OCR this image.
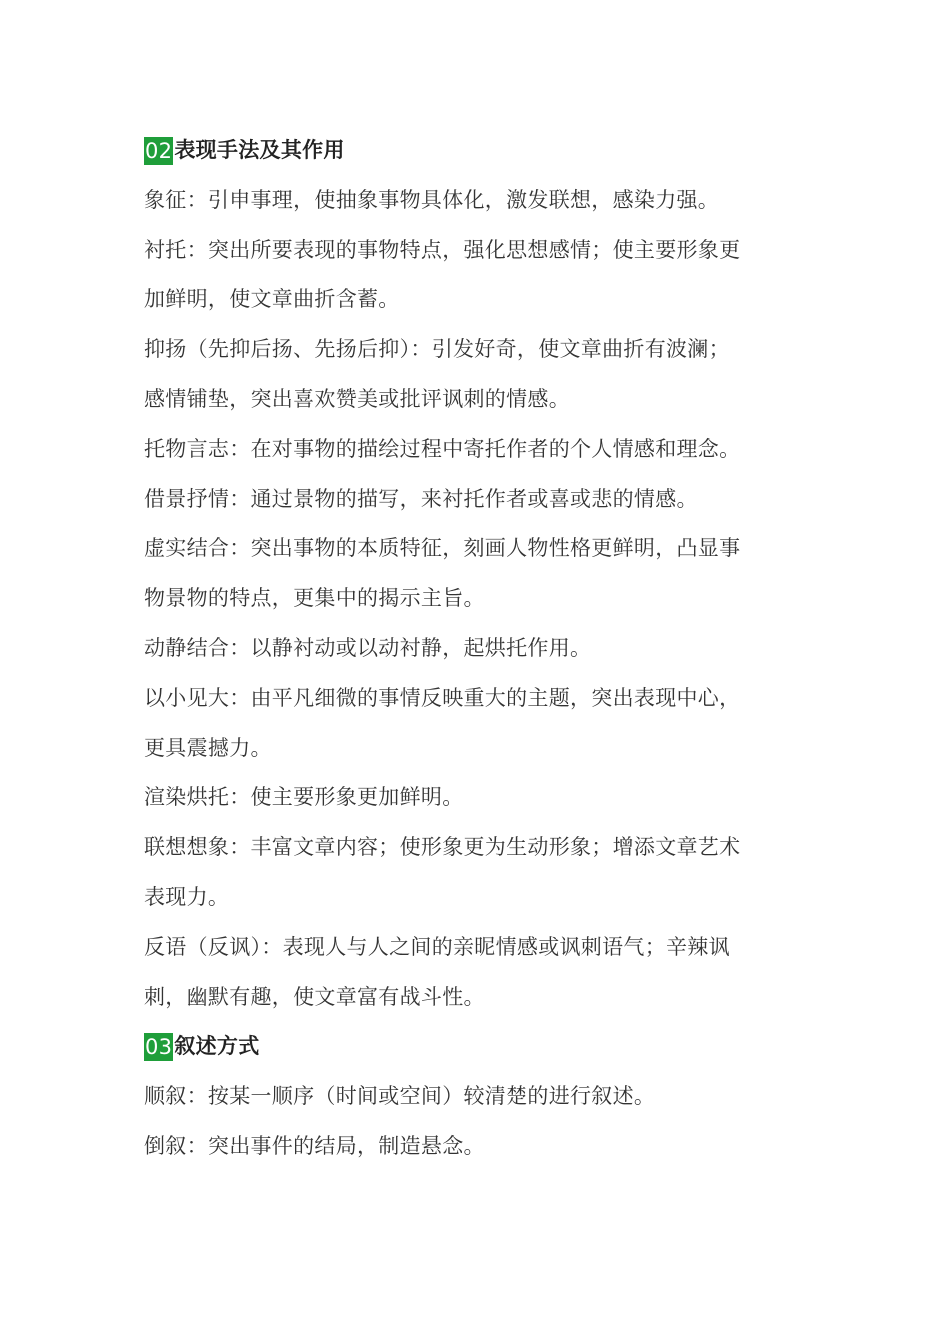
02 表现手法及其作用
象征：引申事理，使抽象事物具体化，激发联想，感染力强。
衬托：突出所要表现的事物特点，强化思想感情；使主要形象更
加鲜明，使文章曲折含蓄。
抑扬（先抑后扬、先扬后抑）：引发好奇，使文章曲折有波澜；
感情铺垫，突出喜欢赞美或批评讽刺的情感。
托物言志：在对事物的描绘过程中寄托作者的个人情感和理念。
借景抒情：通过景物的描写，来衬托作者或喜或悲的情感。
虚实结合：突出事物的本质特征，刻画人物性格更鲜明，凸显事
物景物的特点，更集中的揭示主旨。
动静结合：以静衬动或以动衬静，起烘托作用。
以小见大：由平凡细微的事情反映重大的主题，突出表现中心，
更具震撼力。
渲染烘托：使主要形象更加鲜明。
联想想象：丰富文章内容；使形象更为生动形象；增添文章艺术
表现力。
反语（反讽）：表现人与人之间的亲昵情感或讽刺语气；辛辣讽
刺，幽默有趣，使文章富有战斗性。
03 叙述方式
顺叙：按某一顺序（时间或空间）较清楚的进行叙述。
倒叙：突出事件的结局，制造悬念。
